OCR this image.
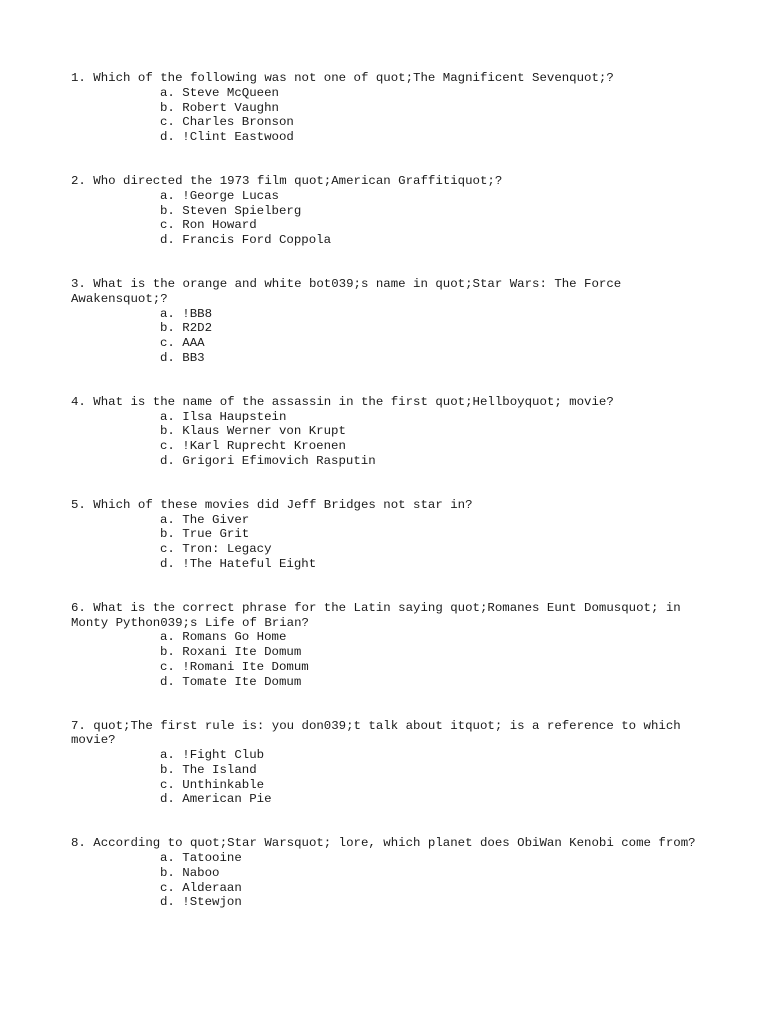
1. Which of the following was not one of quot;The Magnificent Sevenquot;?
a. Steve McQueen
b. Robert Vaughn
c. Charles Bronson
d. !Clint Eastwood
2. Who directed the 1973 film quot;American Graffitiquot;?
a. !George Lucas
b. Steven Spielberg
c. Ron Howard
d. Francis Ford Coppola
3. What is the orange and white bot039;s name in quot;Star Wars: The Force Awakensquot;?
a. !BB8
b. R2D2
c. AAA
d. BB3
4. What is the name of the assassin in the first quot;Hellboyquot; movie?
a. Ilsa Haupstein
b. Klaus Werner von Krupt
c. !Karl Ruprecht Kroenen
d. Grigori Efimovich Rasputin
5. Which of these movies did Jeff Bridges not star in?
a. The Giver
b. True Grit
c. Tron: Legacy
d. !The Hateful Eight
6. What is the correct phrase for the Latin saying quot;Romanes Eunt Domusquot; in Monty Python039;s Life of Brian?
a. Romans Go Home
b. Roxani Ite Domum
c. !Romani Ite Domum
d. Tomate Ite Domum
7. quot;The first rule is: you don039;t talk about itquot; is a reference to which movie?
a. !Fight Club
b. The Island
c. Unthinkable
d. American Pie
8. According to quot;Star Warsquot; lore, which planet does ObiWan Kenobi come from?
a. Tatooine
b. Naboo
c. Alderaan
d. !Stewjon
